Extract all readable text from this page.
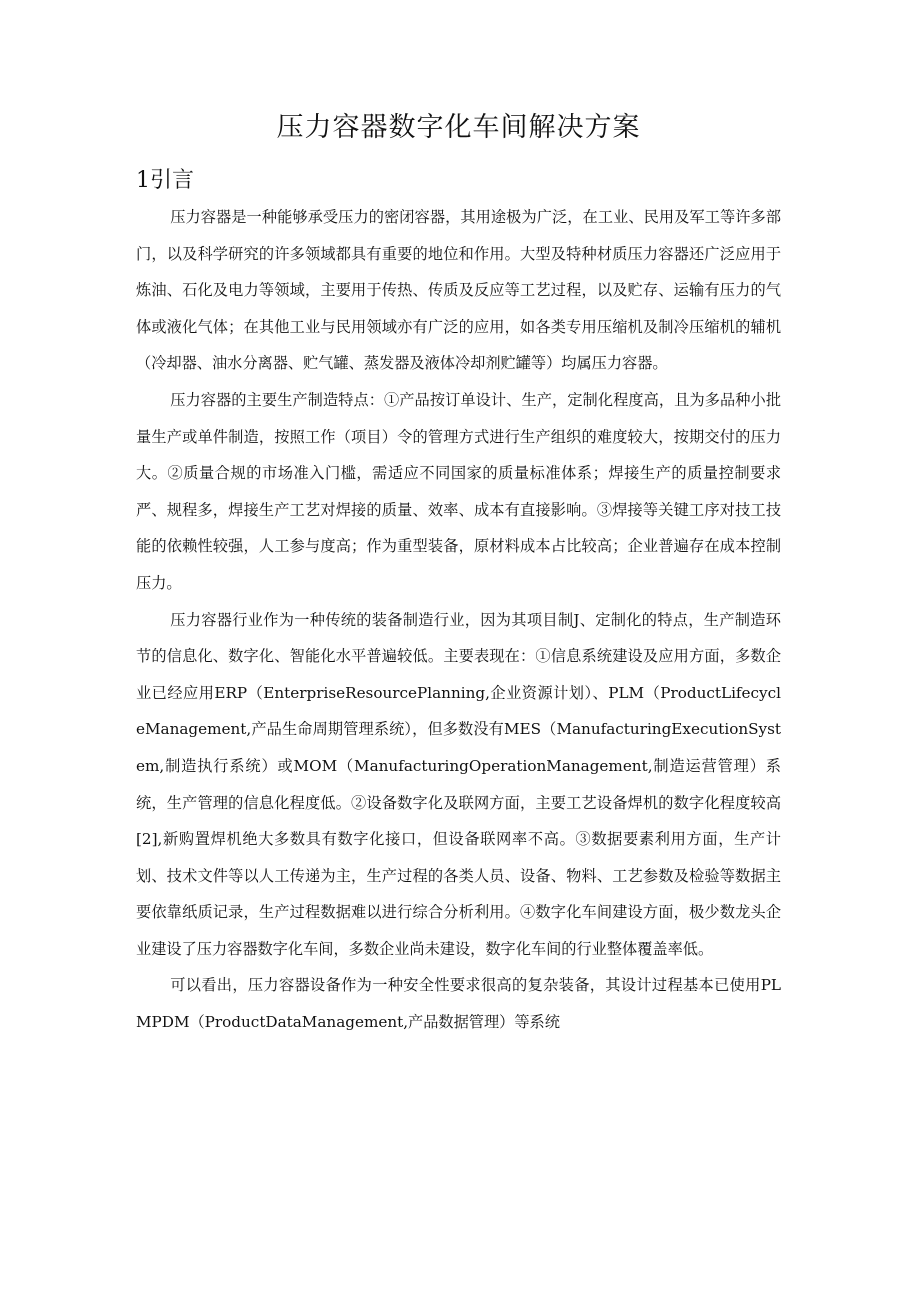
压力容器数字化车间解决方案
1引言

压力容器是一种能够承受压力的密闭容器，其用途极为广泛，在工业、民用及军工等许多部门，以及科学研究的许多领域都具有重要的地位和作用。大型及特种材质压力容器还广泛应用于炼油、石化及电力等领域，主要用于传热、传质及反应等工艺过程，以及贮存、运输有压力的气体或液化气体；在其他工业与民用领域亦有广泛的应用，如各类专用压缩机及制冷压缩机的辅机（冷却器、油水分离器、贮气罐、蒸发器及液体冷却剂贮罐等）均属压力容器。

压力容器的主要生产制造特点：①产品按订单设计、生产，定制化程度高，且为多品种小批量生产或单件制造，按照工作（项目）令的管理方式进行生产组织的难度较大，按期交付的压力大。②质量合规的市场准入门槛，需适应不同国家的质量标准体系；焊接生产的质量控制要求严、规程多，焊接生产工艺对焊接的质量、效率、成本有直接影响。③焊接等关键工序对技工技能的依赖性较强，人工参与度高；作为重型装备，原材料成本占比较高；企业普遍存在成本控制压力。

压力容器行业作为一种传统的装备制造行业，因为其项目制J、定制化的特点，生产制造环节的信息化、数字化、智能化水平普遍较低。主要表现在：①信息系统建设及应用方面，多数企业已经应用ERP（EnterpriseResourcePlanning,企业资源计划）、PLM（ProductLifecycleManagement,产品生命周期管理系统），但多数没有MES（ManufacturingExecutionSystem,制造执行系统）或MOM（ManufacturingOperationManagement,制造运营管理）系统，生产管理的信息化程度低。②设备数字化及联网方面，主要工艺设备焊机的数字化程度较高[2],新购置焊机绝大多数具有数字化接口，但设备联网率不高。③数据要素利用方面，生产计划、技术文件等以人工传递为主，生产过程的各类人员、设备、物料、工艺参数及检验等数据主要依靠纸质记录，生产过程数据难以进行综合分析利用。④数字化车间建设方面，极少数龙头企业建设了压力容器数字化车间，多数企业尚未建设，数字化车间的行业整体覆盖率低。

可以看出，压力容器设备作为一种安全性要求很高的复杂装备，其设计过程基本已使用PLMPDM（ProductDataManagement,产品数据管理）等系统
